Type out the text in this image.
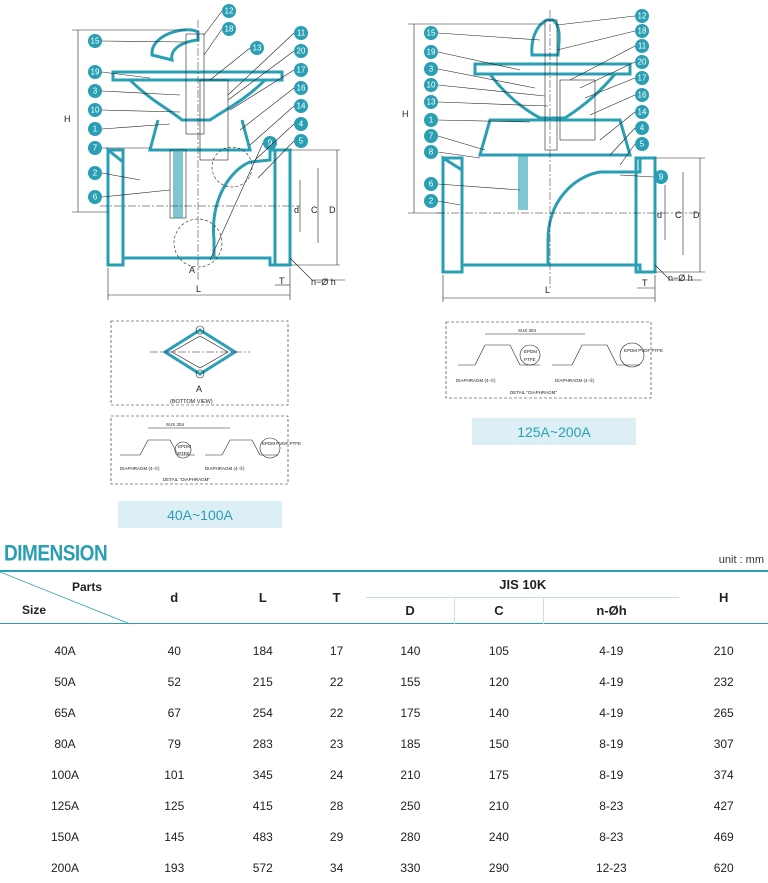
H
d C D
L
T	n−Ø h
A
15
19
3
10
1
7
2
6
12
18
13
11
20
17
16
14
4
5
9
A
(BOTTOM VIEW)
SUS 304
EPDM
PTFE
EPDM PVDF PTFE
DIAPHRAGM (4-②)	DIAPHRAGM (4-③)
DETAIL "DIAPHRAGM"
H
d C D
L
T n−Ø h
15
19
3
10
13
1
7
8
6
2
12
18
11
20
17
16
14
4
5
9
SUS 304
EPDM
PTFE
EPDM PVDF PTFE
DIAPHRAGM (4-②)	DIAPHRAGM (4-③)
DETAIL "DIAPHRAGM"
40A~100A
125A~200A
DIMENSION	unit : mm
Parts
Size	d	L	T	JIS 10K			H
				D	C	n-Øh	
40A	40	184	17	140	105	4-19	210
50A	52	215	22	155	120	4-19	232
65A	67	254	22	175	140	4-19	265
80A	79	283	23	185	150	8-19	307
100A	101	345	24	210	175	8-19	374
125A	125	415	28	250	210	8-23	427
150A	145	483	29	280	240	8-23	469
200A	193	572	34	330	290	12-23	620
